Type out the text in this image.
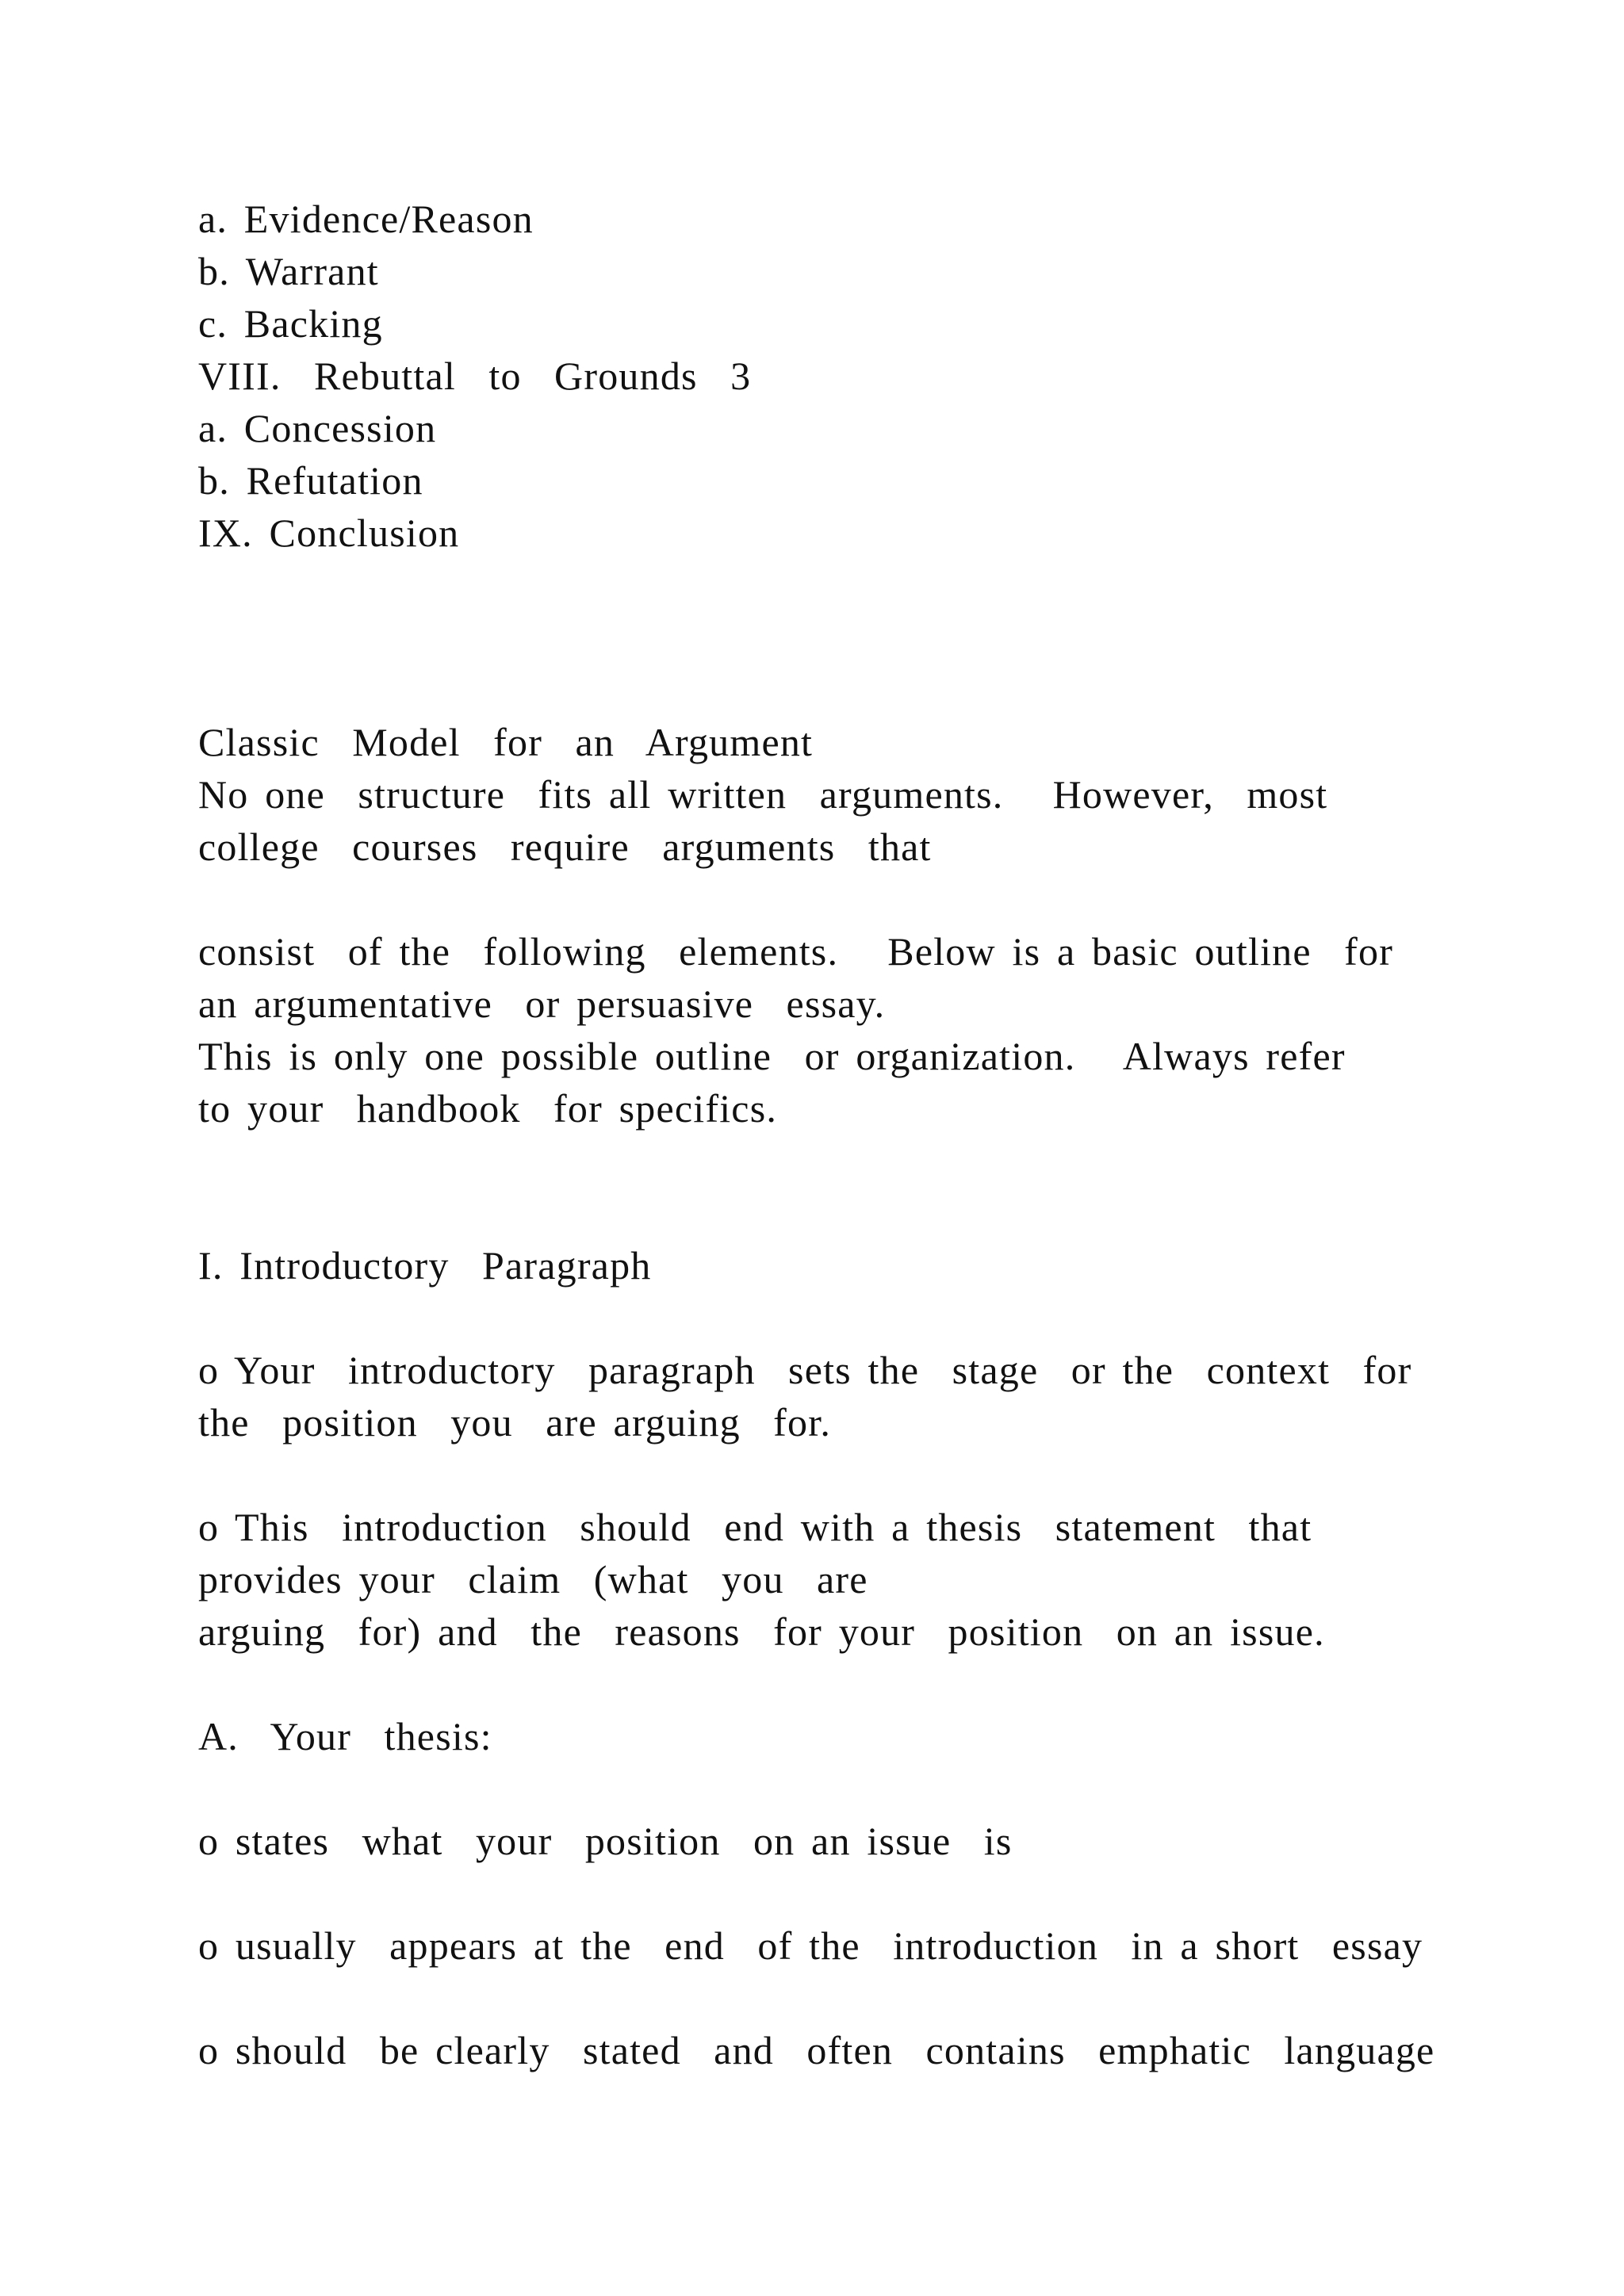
a. Evidence/Reason

b. Warrant

c. Backing

VIII.  Rebuttal  to  Grounds  3

a. Concession

b. Refutation

IX. Conclusion

Classic  Model  for  an  Argument

No one  structure  fits all written  arguments.   However,  most

college  courses  require  arguments  that

consist  of the  following  elements.   Below is a basic outline  for

an argumentative  or persuasive  essay.

This is only one possible outline  or organization.   Always refer

to your  handbook  for specifics.

I. Introductory  Paragraph

o Your  introductory  paragraph  sets the  stage  or the  context  for

the  position  you  are arguing  for.

o This  introduction  should  end with a thesis  statement  that

provides your  claim  (what  you  are

arguing  for) and  the  reasons  for your  position  on an issue.

A.  Your  thesis:

o states  what  your  position  on an issue  is

o usually  appears at the  end  of the  introduction  in a short  essay

o should  be clearly  stated  and  often  contains  emphatic  language
